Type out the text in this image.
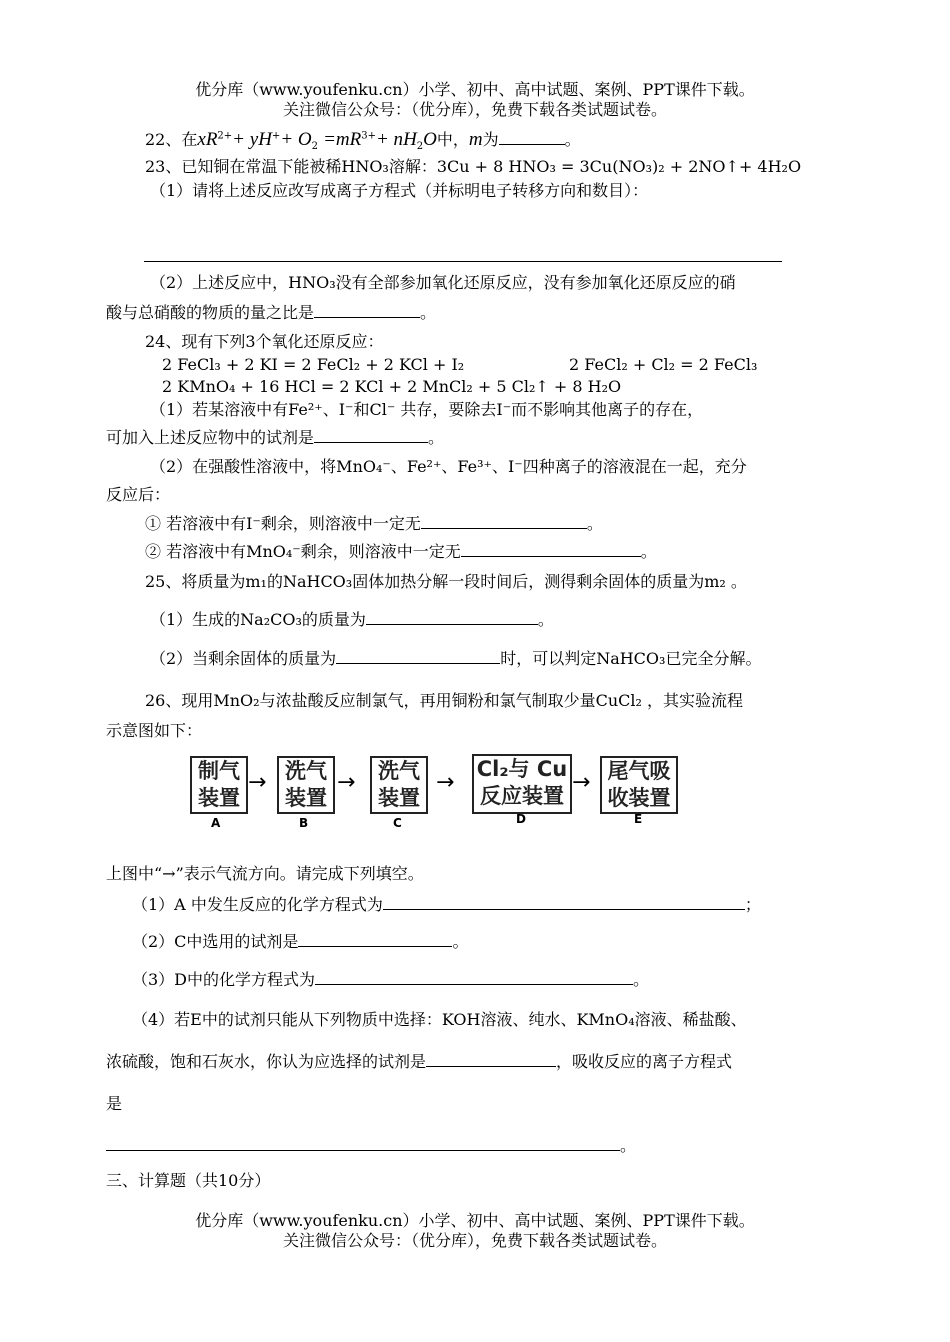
优分库（www.youfenku.cn）小学、初中、高中试题、案例、PPT课件下载。
关注微信公众号：（优分库），免费下载各类试题试卷。
22、在$xR^{2+}+ yH^++ O_2 =mR^{3+}+ nH_2O$中，m为	。
23、已知铜在常温下能被稀HNO₃溶解：3Cu + 8 HNO₃ = 3Cu(NO₃)₂ + 2NO↑+ 4H₂O
（1）请将上述反应改写成离子方程式（并标明电子转移方向和数目）：
（2）上述反应中，HNO₃没有全部参加氧化还原反应，没有参加氧化还原反应的硝
酸与总硝酸的物质的量之比是	。
24、现有下列3个氧化还原反应：
2 FeCl₃ + 2 KI = 2 FeCl₂ + 2 KCl + I₂	2 FeCl₂ + Cl₂ = 2 FeCl₃
2 KMnO₄ + 16 HCl = 2 KCl + 2 MnCl₂ + 5 Cl₂↑ + 8 H₂O
（1）若某溶液中有Fe²⁺、I⁻和Cl⁻ 共存，要除去I⁻而不影响其他离子的存在，
可加入上述反应物中的试剂是	。
（2）在强酸性溶液中，将MnO₄⁻、Fe²⁺、Fe³⁺、I⁻四种离子的溶液混在一起，充分
反应后：
① 若溶液中有I⁻剩余，则溶液中一定无	。
② 若溶液中有MnO₄⁻剩余，则溶液中一定无	。
25、将质量为m₁的NaHCO₃固体加热分解一段时间后，测得剩余固体的质量为m₂ 。
（1）生成的Na₂CO₃的质量为	。
（2）当剩余固体的质量为	时，可以判定NaHCO₃已完全分解。
26、现用MnO₂与浓盐酸反应制氯气，再用铜粉和氯气制取少量CuCl₂ ，其实验流程
示意图如下：
制气
装置
A
→ 洗气
装置
B
→ 洗气
装置
C
→
Cl₂与 Cu
反应装置
D
→ 尾气吸
收装置
E
上图中“→”表示气流方向。请完成下列填空。
（1）A 中发生反应的化学方程式为	；
（2）C中选用的试剂是	。
（3）D中的化学方程式为	。
（4）若E中的试剂只能从下列物质中选择：KOH溶液、纯水、KMnO₄溶液、稀盐酸、
浓硫酸，饱和石灰水，你认为应选择的试剂是	，吸收反应的离子方程式
是
。
三、计算题（共10分）
优分库（www.youfenku.cn）小学、初中、高中试题、案例、PPT课件下载。
关注微信公众号：（优分库），免费下载各类试题试卷。
